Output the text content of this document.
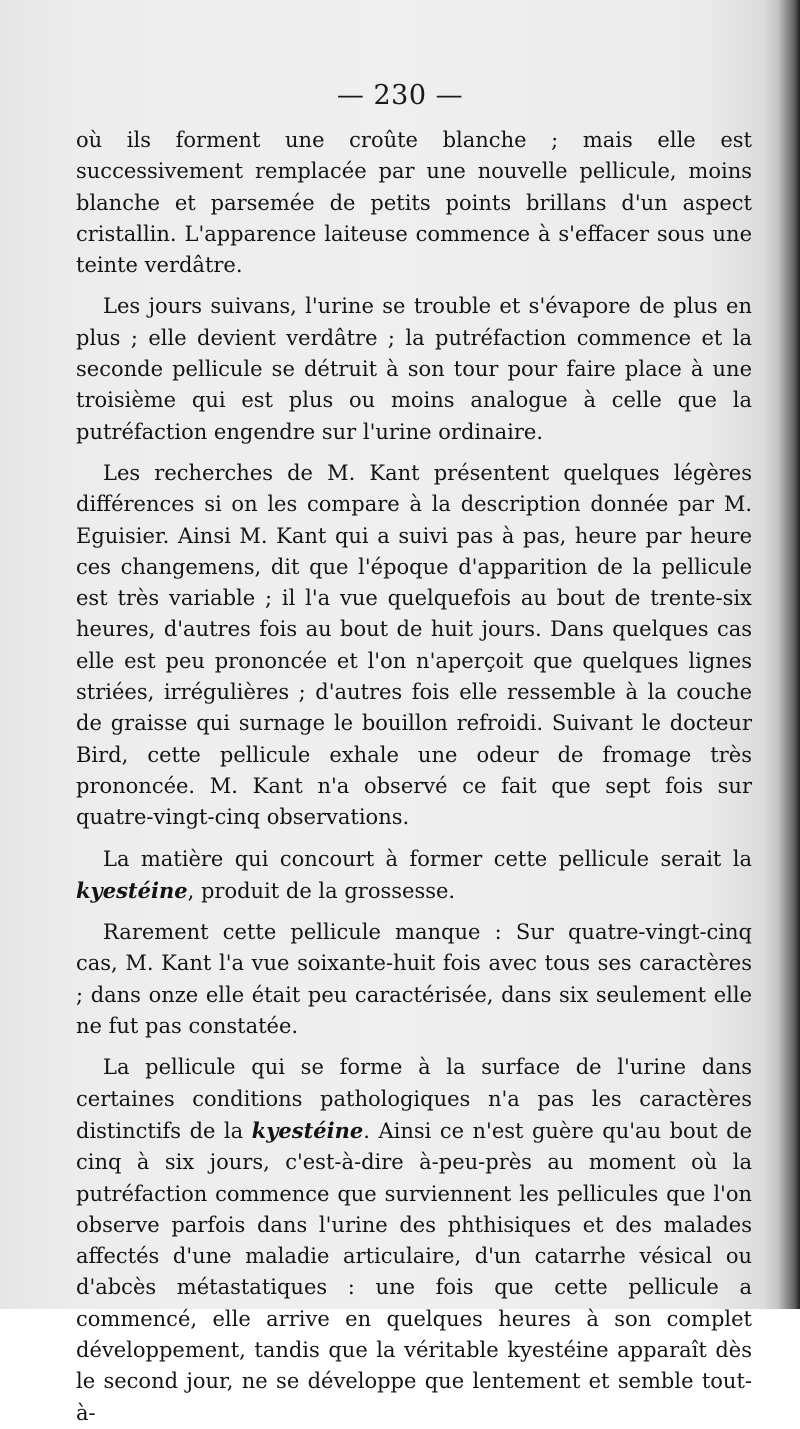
— 230 —

où ils forment une croûte blanche ; mais elle est successivement remplacée par une nouvelle pellicule, moins blanche et parsemée de petits points brillans d'un aspect cristallin. L'apparence laiteuse commence à s'effacer sous une teinte verdâtre.

Les jours suivans, l'urine se trouble et s'évapore de plus en plus ; elle devient verdâtre ; la putréfaction commence et la seconde pellicule se détruit à son tour pour faire place à une troisième qui est plus ou moins analogue à celle que la putréfaction engendre sur l'urine ordinaire.

Les recherches de M. Kant présentent quelques légères différences si on les compare à la description donnée par M. Eguisier. Ainsi M. Kant qui a suivi pas à pas, heure par heure ces changemens, dit que l'époque d'apparition de la pellicule est très variable ; il l'a vue quelquefois au bout de trente-six heures, d'autres fois au bout de huit jours. Dans quelques cas elle est peu prononcée et l'on n'aperçoit que quelques lignes striées, irrégulières ; d'autres fois elle ressemble à la couche de graisse qui surnage le bouillon refroidi. Suivant le docteur Bird, cette pellicule exhale une odeur de fromage très prononcée. M. Kant n'a observé ce fait que sept fois sur quatre-vingt-cinq observations.

La matière qui concourt à former cette pellicule serait la kyestéine, produit de la grossesse.

Rarement cette pellicule manque : Sur quatre-vingt-cinq cas, M. Kant l'a vue soixante-huit fois avec tous ses caractères ; dans onze elle était peu caractérisée, dans six seulement elle ne fut pas constatée.

La pellicule qui se forme à la surface de l'urine dans certaines conditions pathologiques n'a pas les caractères distinctifs de la kyestéine. Ainsi ce n'est guère qu'au bout de cinq à six jours, c'est-à-dire à-peu-près au moment où la putréfaction commence que surviennent les pellicules que l'on observe parfois dans l'urine des phthisiques et des malades affectés d'une maladie articulaire, d'un catarrhe vésical ou d'abcès métastatiques : une fois que cette pellicule a commencé, elle arrive en quelques heures à son complet développement, tandis que la véritable kyestéine apparaît dès le second jour, ne se développe que lentement et semble tout-à-
